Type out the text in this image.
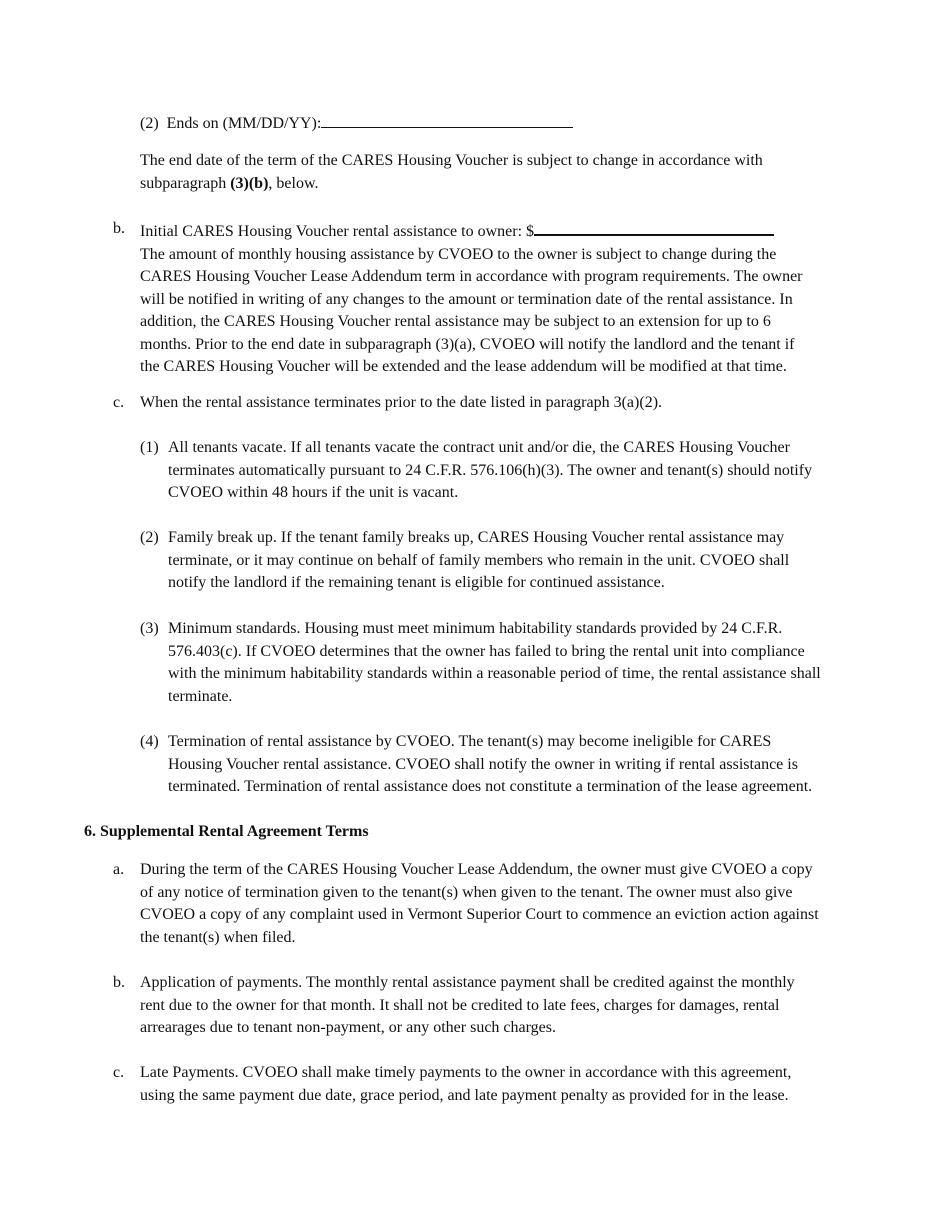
(2) Ends on (MM/DD/YY):
The end date of the term of the CARES Housing Voucher is subject to change in accordance with
subparagraph (3)(b), below.
b. Initial CARES Housing Voucher rental assistance to owner: $
The amount of monthly housing assistance by CVOEO to the owner is subject to change during the
CARES Housing Voucher Lease Addendum term in accordance with program requirements. The owner
will be notified in writing of any changes to the amount or termination date of the rental assistance. In
addition, the CARES Housing Voucher rental assistance may be subject to an extension for up to 6
months. Prior to the end date in subparagraph (3)(a), CVOEO will notify the landlord and the tenant if
the CARES Housing Voucher will be extended and the lease addendum will be modified at that time.
c. When the rental assistance terminates prior to the date listed in paragraph 3(a)(2).
(1) All tenants vacate. If all tenants vacate the contract unit and/or die, the CARES Housing Voucher
terminates automatically pursuant to 24 C.F.R. 576.106(h)(3). The owner and tenant(s) should notify
CVOEO within 48 hours if the unit is vacant.
(2) Family break up. If the tenant family breaks up, CARES Housing Voucher rental assistance may
terminate, or it may continue on behalf of family members who remain in the unit. CVOEO shall
notify the landlord if the remaining tenant is eligible for continued assistance.
(3) Minimum standards. Housing must meet minimum habitability standards provided by 24 C.F.R.
576.403(c). If CVOEO determines that the owner has failed to bring the rental unit into compliance
with the minimum habitability standards within a reasonable period of time, the rental assistance shall
terminate.
(4) Termination of rental assistance by CVOEO. The tenant(s) may become ineligible for CARES
Housing Voucher rental assistance. CVOEO shall notify the owner in writing if rental assistance is
terminated. Termination of rental assistance does not constitute a termination of the lease agreement.
6. Supplemental Rental Agreement Terms
a. During the term of the CARES Housing Voucher Lease Addendum, the owner must give CVOEO a copy
of any notice of termination given to the tenant(s) when given to the tenant. The owner must also give
CVOEO a copy of any complaint used in Vermont Superior Court to commence an eviction action against
the tenant(s) when filed.
b. Application of payments. The monthly rental assistance payment shall be credited against the monthly
rent due to the owner for that month. It shall not be credited to late fees, charges for damages, rental
arrearages due to tenant non-payment, or any other such charges.
c. Late Payments. CVOEO shall make timely payments to the owner in accordance with this agreement,
using the same payment due date, grace period, and late payment penalty as provided for in the lease.
